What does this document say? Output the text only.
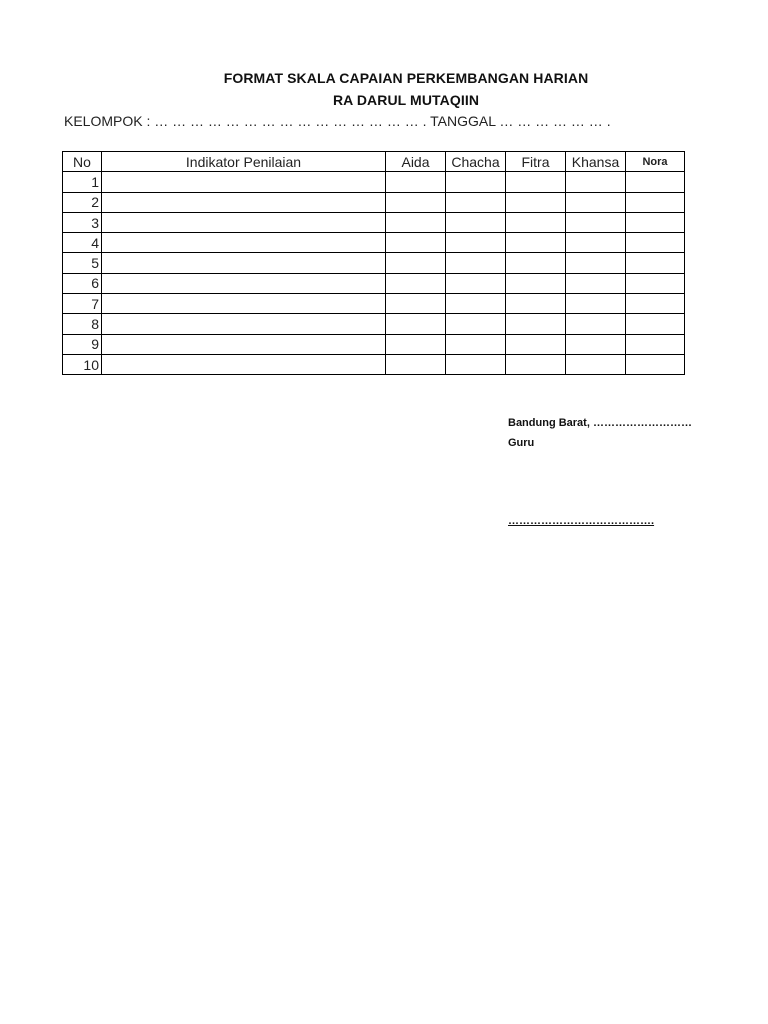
FORMAT SKALA CAPAIAN PERKEMBANGAN HARIAN
RA DARUL MUTAQIIN
KELOMPOK : … … … … … … … … … … … … … … … . TANGGAL … … … … … … .
No	Indikator Penilaian	Aida	Chacha	Fitra	Khansa	Nora
1						
2						
3						
4						
5						
6						
7						
8						
9						
10						
Bandung Barat, ………………………
Guru
………………………………….
